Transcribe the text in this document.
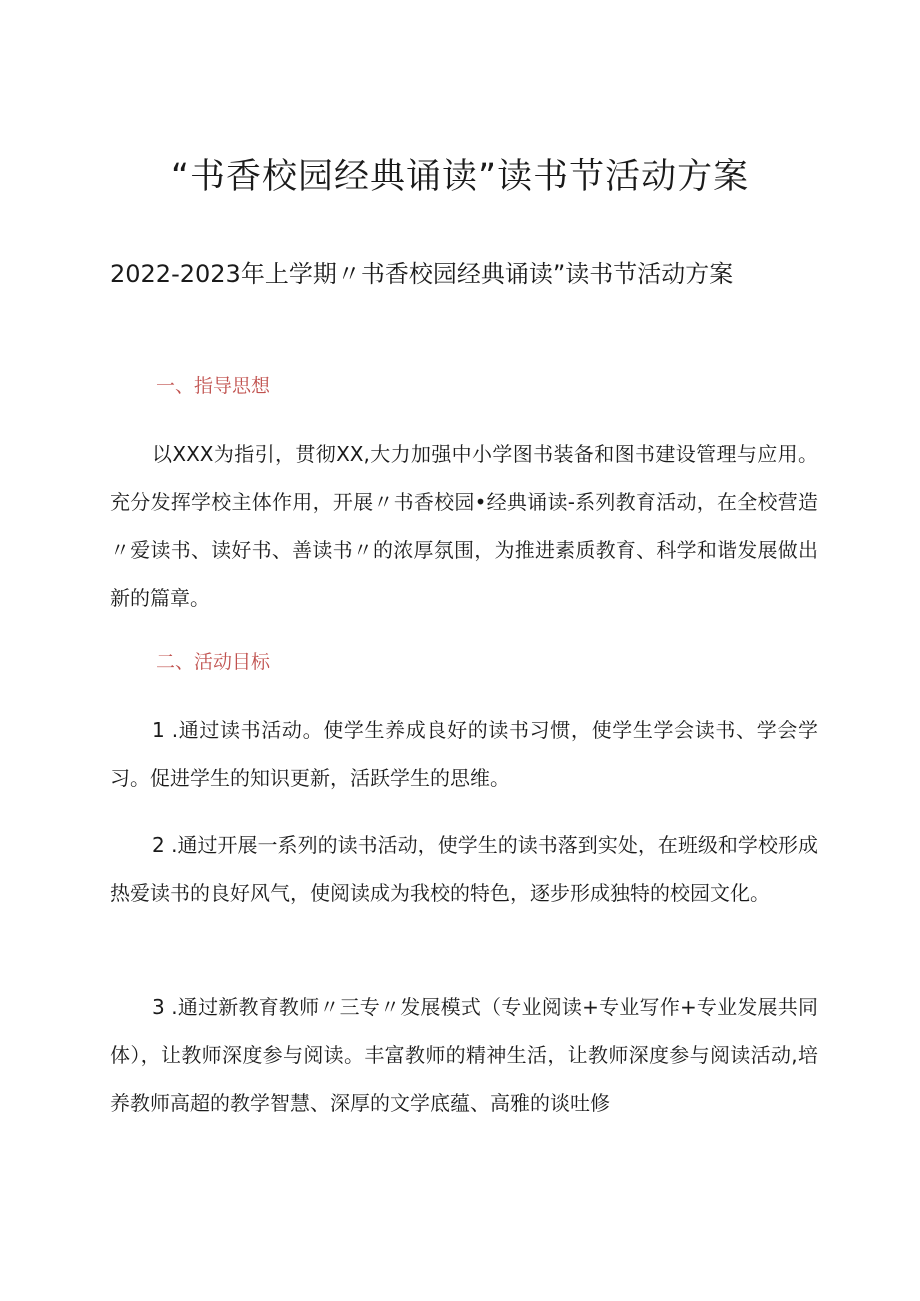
“书香校园经典诵读”读书节活动方案
2022-2023年上学期〃书香校园经典诵读”读书节活动方案
一、指导思想
以XXX为指引，贯彻XX,大力加强中小学图书装备和图书建设管理与应用。充分发挥学校主体作用，开展〃书香校园•经典诵读-系列教育活动，在全校营造〃爱读书、读好书、善读书〃的浓厚氛围，为推进素质教育、科学和谐发展做出新的篇章。
二、活动目标
1 .通过读书活动。使学生养成良好的读书习惯，使学生学会读书、学会学习。促进学生的知识更新，活跃学生的思维。
2 .通过开展一系列的读书活动，使学生的读书落到实处，在班级和学校形成热爱读书的良好风气，使阅读成为我校的特色，逐步形成独特的校园文化。
3 .通过新教育教师〃三专〃发展模式（专业阅读+专业写作+专业发展共同体），让教师深度参与阅读。丰富教师的精神生活，让教师深度参与阅读活动,培养教师高超的教学智慧、深厚的文学底蕴、高雅的谈吐修
